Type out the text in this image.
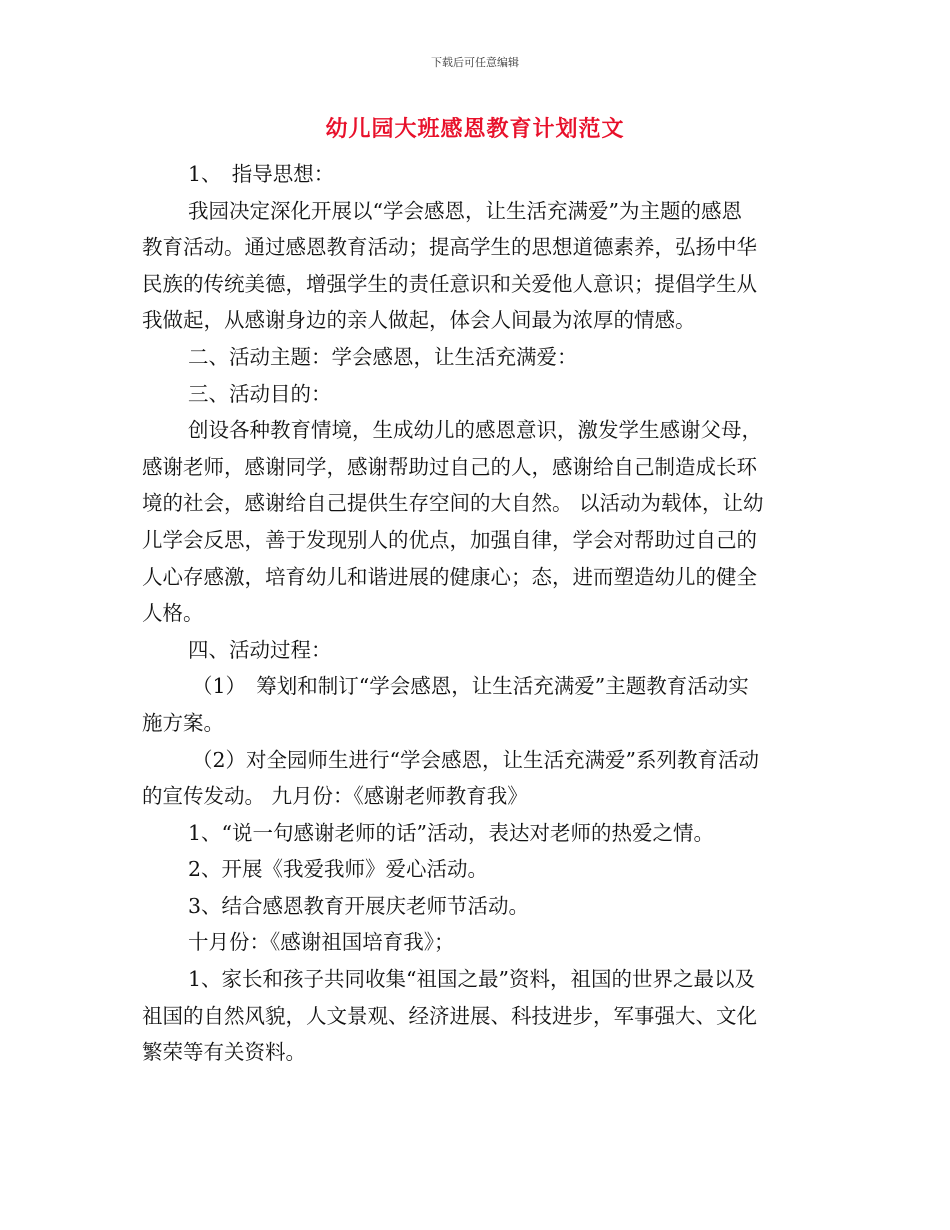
下载后可任意编辑
幼儿园大班感恩教育计划范文

1、　指导思想：

我园决定深化开展以“学会感恩，让生活充满爱”为主题的感恩

教育活动。通过感恩教育活动；提高学生的思想道德素养，弘扬中华

民族的传统美德，增强学生的责任意识和关爱他人意识；提倡学生从

我做起，从感谢身边的亲人做起，体会人间最为浓厚的情感。

二、活动主题：学会感恩，让生活充满爱：

三、活动目的：

创设各种教育情境，生成幼儿的感恩意识，激发学生感谢父母，

感谢老师，感谢同学，感谢帮助过自己的人，感谢给自己制造成长环

境的社会，感谢给自己提供生存空间的大自然。 以活动为载体，让幼

儿学会反思，善于发现别人的优点，加强自律，学会对帮助过自己的

人心存感激，培育幼儿和谐进展的健康心；态，进而塑造幼儿的健全

人格。

四、活动过程：

（1）　筹划和制订“学会感恩，让生活充满爱”主题教育活动实

施方案。

（2）对全园师生进行“学会感恩，让生活充满爱”系列教育活动

的宣传发动。 九月份：《感谢老师教育我》

1、“说一句感谢老师的话”活动，表达对老师的热爱之情。

2、开展《我爱我师》爱心活动。

3、结合感恩教育开展庆老师节活动。

十月份：《感谢祖国培育我》；

1、家长和孩子共同收集“祖国之最”资料，祖国的世界之最以及

祖国的自然风貌，人文景观、经济进展、科技进步，军事强大、文化

繁荣等有关资料。
